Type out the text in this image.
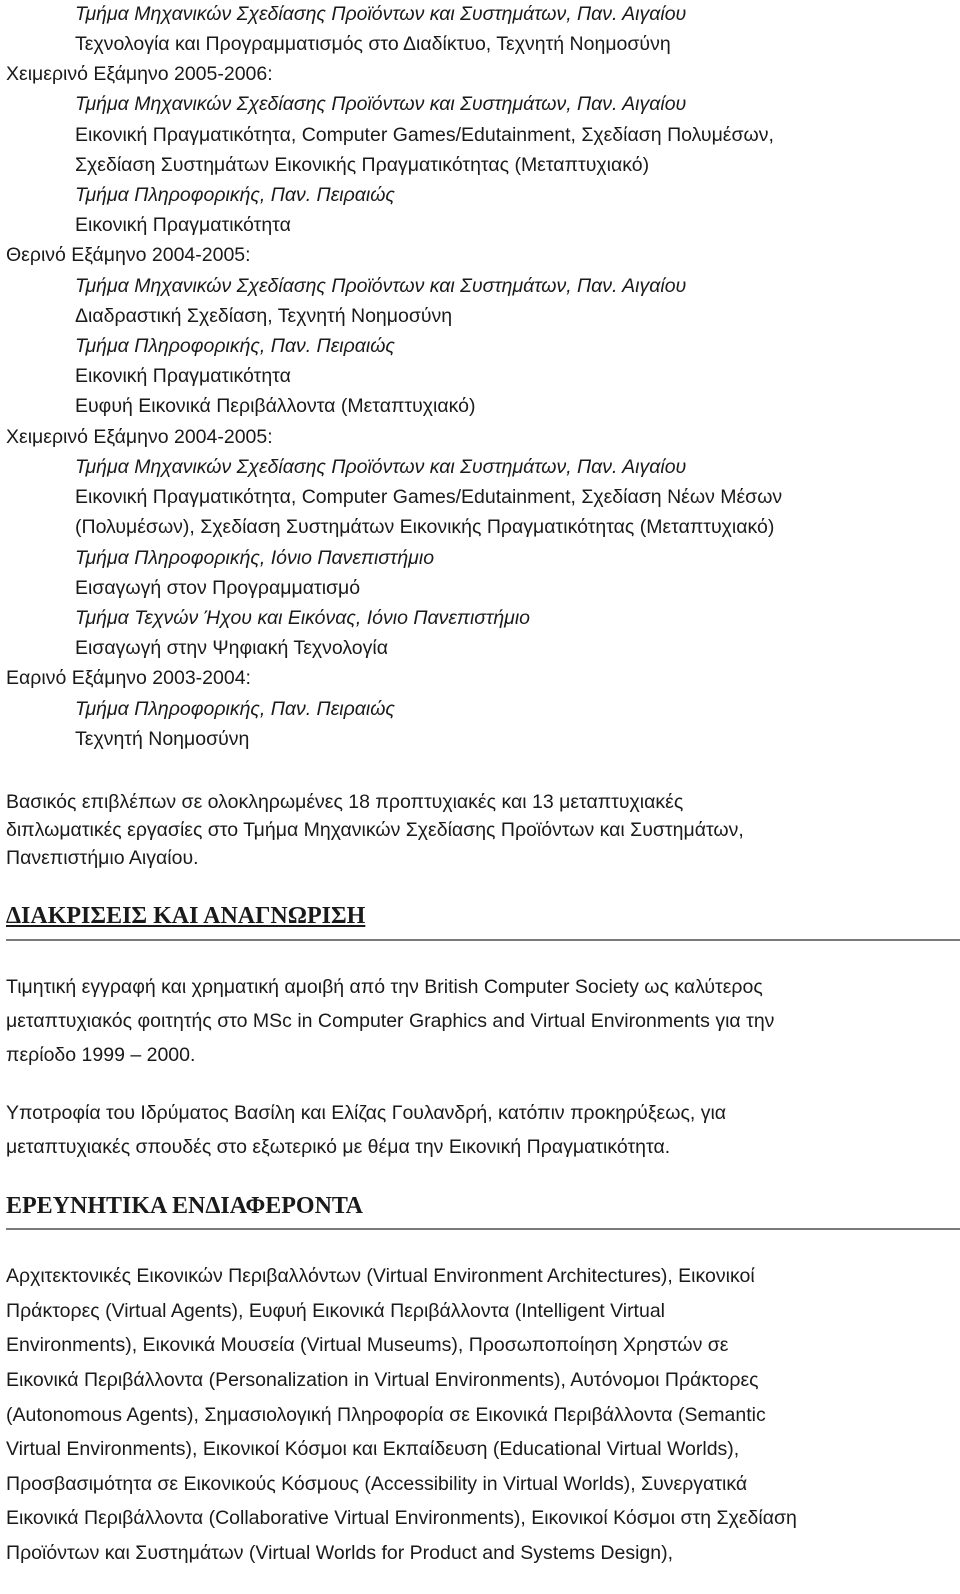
Τμήμα Μηχανικών Σχεδίασης Προϊόντων και Συστημάτων, Παν. Αιγαίου
Τεχνολογία και Προγραμματισμός στο Διαδίκτυο, Τεχνητή Νοημοσύνη
Χειμερινό Εξάμηνο 2005-2006:
Τμήμα Μηχανικών Σχεδίασης Προϊόντων και Συστημάτων, Παν. Αιγαίου
Εικονική Πραγματικότητα, Computer Games/Edutainment, Σχεδίαση Πολυμέσων,
Σχεδίαση Συστημάτων Εικονικής Πραγματικότητας (Μεταπτυχιακό)
Τμήμα Πληροφορικής, Παν. Πειραιώς
Εικονική Πραγματικότητα
Θερινό Εξάμηνο 2004-2005:
Τμήμα Μηχανικών Σχεδίασης Προϊόντων και Συστημάτων, Παν. Αιγαίου
Διαδραστική Σχεδίαση, Τεχνητή Νοημοσύνη
Τμήμα Πληροφορικής, Παν. Πειραιώς
Εικονική Πραγματικότητα
Ευφυή Εικονικά Περιβάλλοντα (Μεταπτυχιακό)
Χειμερινό Εξάμηνο 2004-2005:
Τμήμα Μηχανικών Σχεδίασης Προϊόντων και Συστημάτων, Παν. Αιγαίου
Εικονική Πραγματικότητα, Computer Games/Edutainment, Σχεδίαση Νέων Μέσων
(Πολυμέσων), Σχεδίαση Συστημάτων Εικονικής Πραγματικότητας (Μεταπτυχιακό)
Τμήμα Πληροφορικής, Ιόνιο Πανεπιστήμιο
Εισαγωγή στον Προγραμματισμό
Τμήμα Τεχνών Ήχου και Εικόνας, Ιόνιο Πανεπιστήμιο
Εισαγωγή στην Ψηφιακή Τεχνολογία
Εαρινό Εξάμηνο 2003-2004:
Τμήμα Πληροφορικής, Παν. Πειραιώς
Τεχνητή Νοημοσύνη
Βασικός επιβλέπων σε ολοκληρωμένες 18 προπτυχιακές και 13 μεταπτυχιακές
διπλωματικές εργασίες στο Τμήμα Μηχανικών Σχεδίασης Προϊόντων και Συστημάτων,
Πανεπιστήμιο Αιγαίου.
ΔΙΑΚΡΙΣΕΙΣ ΚΑΙ ΑΝΑΓΝΩΡΙΣΗ
Τιμητική εγγραφή και χρηματική αμοιβή από την British Computer Society ως καλύτερος
μεταπτυχιακός φοιτητής στο MSc in Computer Graphics and Virtual Environments για την
περίοδο 1999 – 2000.
Υποτροφία του Ιδρύματος Βασίλη και Ελίζας Γουλανδρή, κατόπιν προκηρύξεως, για
μεταπτυχιακές σπουδές στο εξωτερικό με θέμα την Εικονική Πραγματικότητα.
ΕΡΕΥΝΗΤΙΚΑ ΕΝΔΙΑΦΕΡΟΝΤΑ
Αρχιτεκτονικές Εικονικών Περιβαλλόντων (Virtual Environment Architectures), Εικονικοί
Πράκτορες (Virtual Agents), Ευφυή Εικονικά Περιβάλλοντα (Intelligent Virtual
Environments), Εικονικά Μουσεία (Virtual Museums), Προσωποποίηση Χρηστών σε
Εικονικά Περιβάλλοντα (Personalization in Virtual Environments), Αυτόνομοι Πράκτορες
(Autonomous Agents), Σημασιολογική Πληροφορία σε Εικονικά Περιβάλλοντα (Semantic
Virtual Environments), Εικονικοί Κόσμοι και Εκπαίδευση (Educational Virtual Worlds),
Προσβασιμότητα σε Εικονικούς Κόσμους (Accessibility in Virtual Worlds), Συνεργατικά
Εικονικά Περιβάλλοντα (Collaborative Virtual Environments), Εικονικοί Κόσμοι στη Σχεδίαση
Προϊόντων και Συστημάτων (Virtual Worlds for Product and Systems Design),
